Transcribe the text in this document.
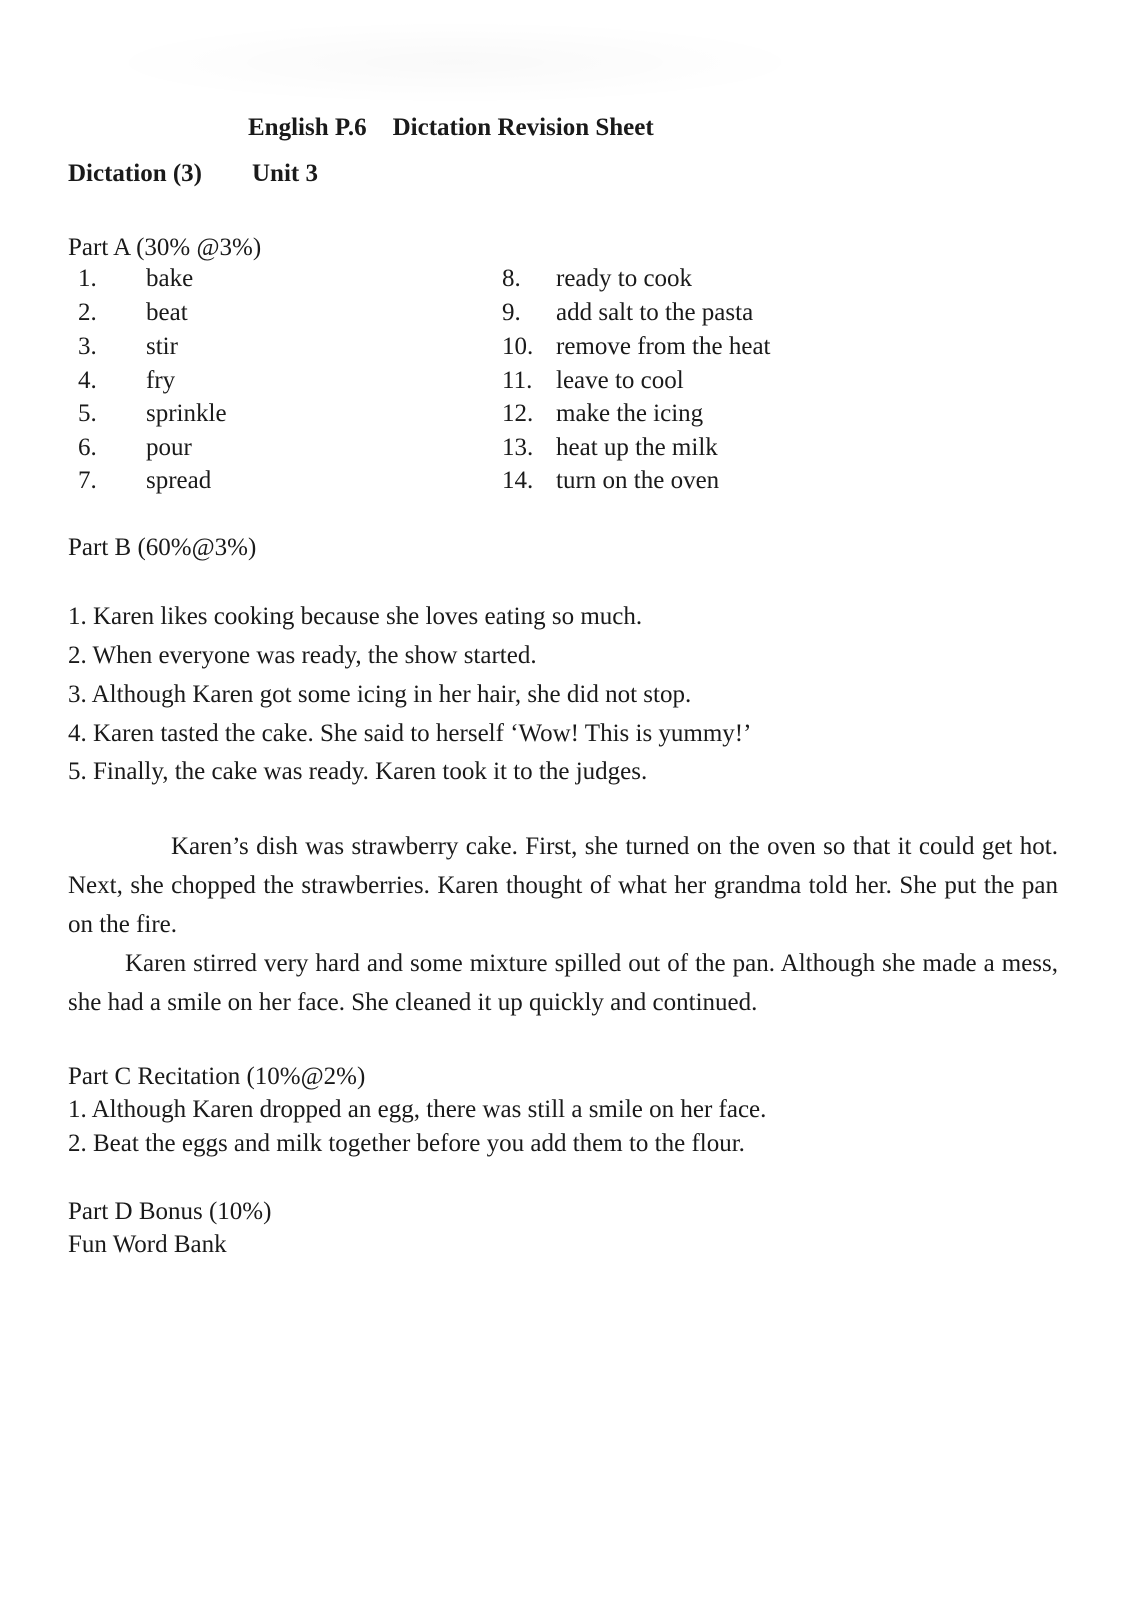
English P.6 Dictation Revision Sheet
Dictation (3) Unit 3
Part A (30% @3%)
1. bake
2. beat
3. stir
4. fry
5. sprinkle
6. pour
7. spread
8. ready to cook
9. add salt to the pasta
10. remove from the heat
11. leave to cool
12. make the icing
13. heat up the milk
14. turn on the oven
Part B (60%@3%)
1. Karen likes cooking because she loves eating so much.
2. When everyone was ready, the show started.
3. Although Karen got some icing in her hair, she did not stop.
4. Karen tasted the cake. She said to herself ‘Wow! This is yummy!’
5. Finally, the cake was ready. Karen took it to the judges.
Karen’s dish was strawberry cake. First, she turned on the oven so that it could get hot. Next, she chopped the strawberries. Karen thought of what her grandma told her. She put the pan on the fire.
Karen stirred very hard and some mixture spilled out of the pan. Although she made a mess, she had a smile on her face. She cleaned it up quickly and continued.
Part C Recitation (10%@2%)
1. Although Karen dropped an egg, there was still a smile on her face.
2. Beat the eggs and milk together before you add them to the flour.
Part D Bonus (10%)
Fun Word Bank
